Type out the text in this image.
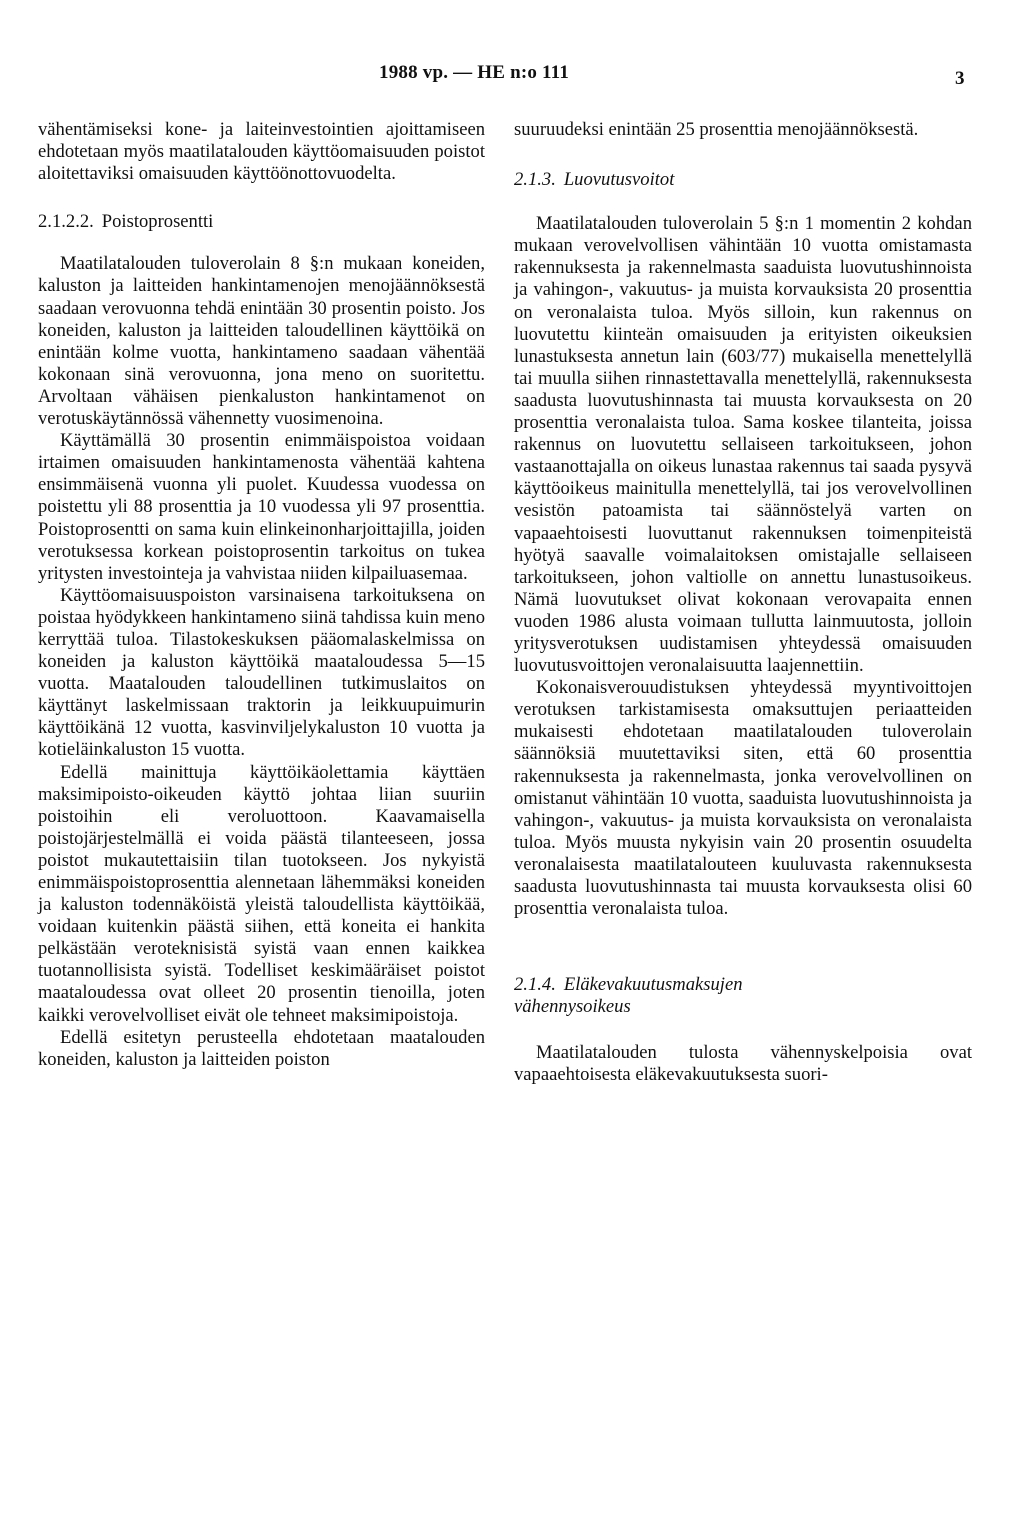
1988 vp. — HE n:o 111	3

vähentämiseksi kone- ja laiteinvestointien ajoittamiseen ehdotetaan myös maatilatalouden käyttöomaisuuden poistot aloitettaviksi omaisuuden käyttöönottovuodelta.

2.1.2.2. Poistoprosentti

Maatilatalouden tuloverolain 8 §:n mukaan koneiden, kaluston ja laitteiden hankintamenojen menojäännöksestä saadaan verovuonna tehdä enintään 30 prosentin poisto. Jos koneiden, kaluston ja laitteiden taloudellinen käyttöikä on enintään kolme vuotta, hankintameno saadaan vähentää kokonaan sinä verovuonna, jona meno on suoritettu. Arvoltaan vähäisen pienkaluston hankintamenot on verotuskäytännössä vähennetty vuosimenoina.

Käyttämällä 30 prosentin enimmäispoistoa voidaan irtaimen omaisuuden hankintamenosta vähentää kahtena ensimmäisenä vuonna yli puolet. Kuudessa vuodessa on poistettu yli 88 prosenttia ja 10 vuodessa yli 97 prosenttia. Poistoprosentti on sama kuin elinkeinonharjoittajilla, joiden verotuksessa korkean poistoprosentin tarkoitus on tukea yritysten investointeja ja vahvistaa niiden kilpailuasemaa.

Käyttöomaisuuspoiston varsinaisena tarkoituksena on poistaa hyödykkeen hankintameno siinä tahdissa kuin meno kerryttää tuloa. Tilastokeskuksen pääomalaskelmissa on koneiden ja kaluston käyttöikä maataloudessa 5—15 vuotta. Maatalouden taloudellinen tutkimuslaitos on käyttänyt laskelmissaan traktorin ja leikkuupuimurin käyttöikänä 12 vuotta, kasvinviljelykaluston 10 vuotta ja kotieläinkaluston 15 vuotta.

Edellä mainittuja käyttöikäolettamia käyttäen maksimipoisto-oikeuden käyttö johtaa liian suuriin poistoihin eli veroluottoon. Kaavamaisella poistojärjestelmällä ei voida päästä tilanteeseen, jossa poistot mukautettaisiin tilan tuotokseen. Jos nykyistä enimmäispoistoprosenttia alennetaan lähemmäksi koneiden ja kaluston todennäköistä yleistä taloudellista käyttöikää, voidaan kuitenkin päästä siihen, että koneita ei hankita pelkästään veroteknisistä syistä vaan ennen kaikkea tuotannollisista syistä. Todelliset keskimääräiset poistot maataloudessa ovat olleet 20 prosentin tienoilla, joten kaikki verovelvolliset eivät ole tehneet maksimipoistoja.

Edellä esitetyn perusteella ehdotetaan maatalouden koneiden, kaluston ja laitteiden poiston

suuruudeksi enintään 25 prosenttia menojäännöksestä.

2.1.3. Luovutusvoitot

Maatilatalouden tuloverolain 5 §:n 1 momentin 2 kohdan mukaan verovelvollisen vähintään 10 vuotta omistamasta rakennuksesta ja rakennelmasta saaduista luovutushinnoista ja vahingon-, vakuutus- ja muista korvauksista 20 prosenttia on veronalaista tuloa. Myös silloin, kun rakennus on luovutettu kiinteän omaisuuden ja erityisten oikeuksien lunastuksesta annetun lain (603/77) mukaisella menettelyllä tai muulla siihen rinnastettavalla menettelyllä, rakennuksesta saadusta luovutushinnasta tai muusta korvauksesta on 20 prosenttia veronalaista tuloa. Sama koskee tilanteita, joissa rakennus on luovutettu sellaiseen tarkoitukseen, johon vastaanottajalla on oikeus lunastaa rakennus tai saada pysyvä käyttöoikeus mainitulla menettelyllä, tai jos verovelvollinen vesistön patoamista tai säännöstelyä varten on vapaaehtoisesti luovuttanut rakennuksen toimenpiteistä hyötyä saavalle voimalaitoksen omistajalle sellaiseen tarkoitukseen, johon valtiolle on annettu lunastusoikeus. Nämä luovutukset olivat kokonaan verovapaita ennen vuoden 1986 alusta voimaan tullutta lainmuutosta, jolloin yritysverotuksen uudistamisen yhteydessä omaisuuden luovutusvoittojen veronalaisuutta laajennettiin.

Kokonaisverouudistuksen yhteydessä myyntivoittojen verotuksen tarkistamisesta omaksuttujen periaatteiden mukaisesti ehdotetaan maatilatalouden tuloverolain säännöksiä muutettaviksi siten, että 60 prosenttia rakennuksesta ja rakennelmasta, jonka verovelvollinen on omistanut vähintään 10 vuotta, saaduista luovutushinnoista ja vahingon-, vakuutus- ja muista korvauksista on veronalaista tuloa. Myös muusta nykyisin vain 20 prosentin osuudelta veronalaisesta maatilatalouteen kuuluvasta rakennuksesta saadusta luovutushinnasta tai muusta korvauksesta olisi 60 prosenttia veronalaista tuloa.

2.1.4. Eläkevakuutusmaksujen vähennysoikeus

Maatilatalouden tulosta vähennyskelpoisia ovat vapaaehtoisesta eläkevakuutuksesta suori-
